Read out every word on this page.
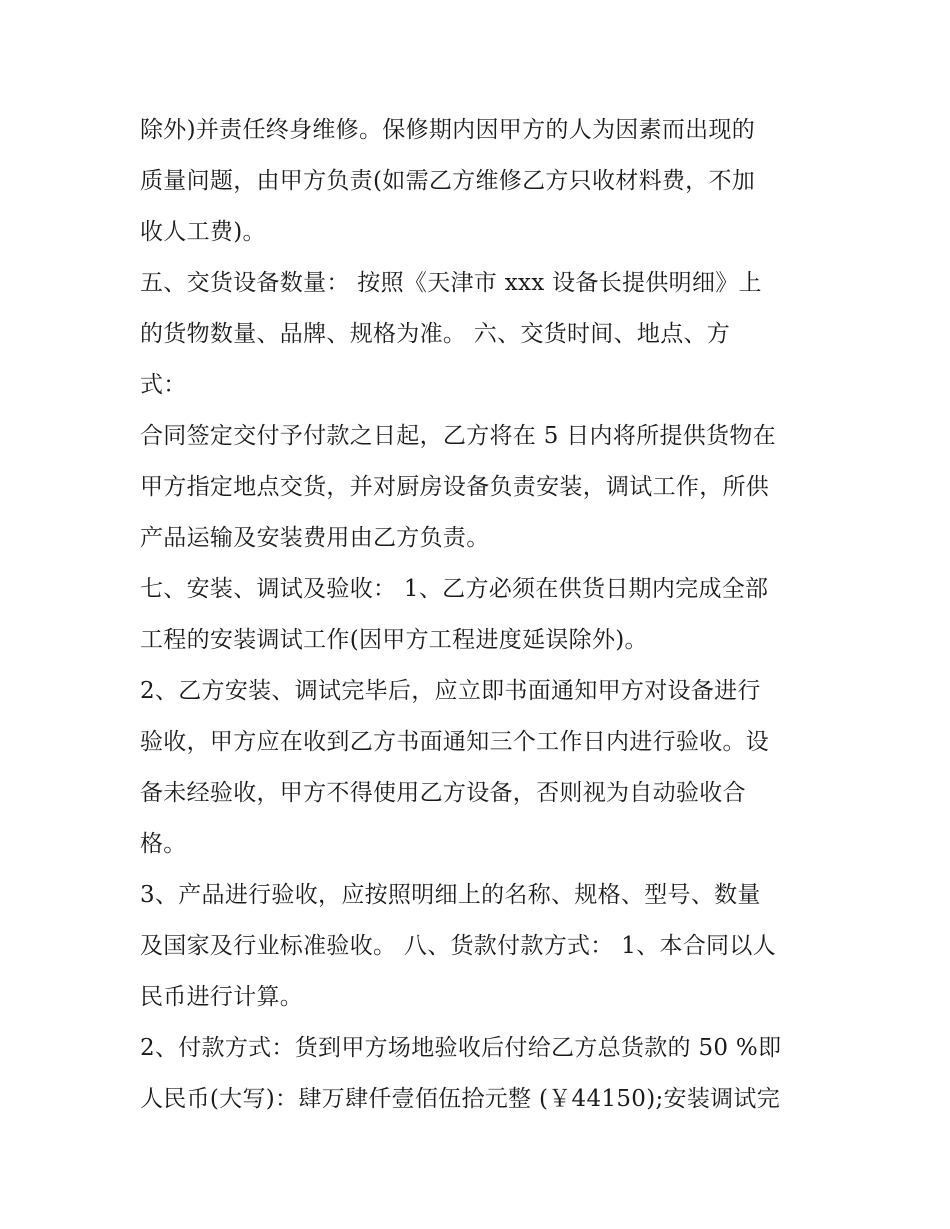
除外)并责任终身维修。保修期内因甲方的人为因素而出现的
质量问题，由甲方负责(如需乙方维修乙方只收材料费，不加
收人工费)。
五、交货设备数量： 按照《天津市 xxx 设备长提供明细》上
的货物数量、品牌、规格为准。 六、交货时间、地点、方
式：
合同签定交付予付款之日起，乙方将在 5 日内将所提供货物在
甲方指定地点交货，并对厨房设备负责安装，调试工作，所供
产品运输及安装费用由乙方负责。
七、安装、调试及验收： 1、乙方必须在供货日期内完成全部
工程的安装调试工作(因甲方工程进度延误除外)。
2、乙方安装、调试完毕后，应立即书面通知甲方对设备进行
验收，甲方应在收到乙方书面通知三个工作日内进行验收。设
备未经验收，甲方不得使用乙方设备，否则视为自动验收合
格。
3、产品进行验收，应按照明细上的名称、规格、型号、数量
及国家及行业标准验收。 八、货款付款方式： 1、本合同以人
民币进行计算。
2、付款方式：货到甲方场地验收后付给乙方总货款的 50 %即
人民币(大写)：肆万肆仟壹佰伍拾元整 (￥44150);安装调试完
